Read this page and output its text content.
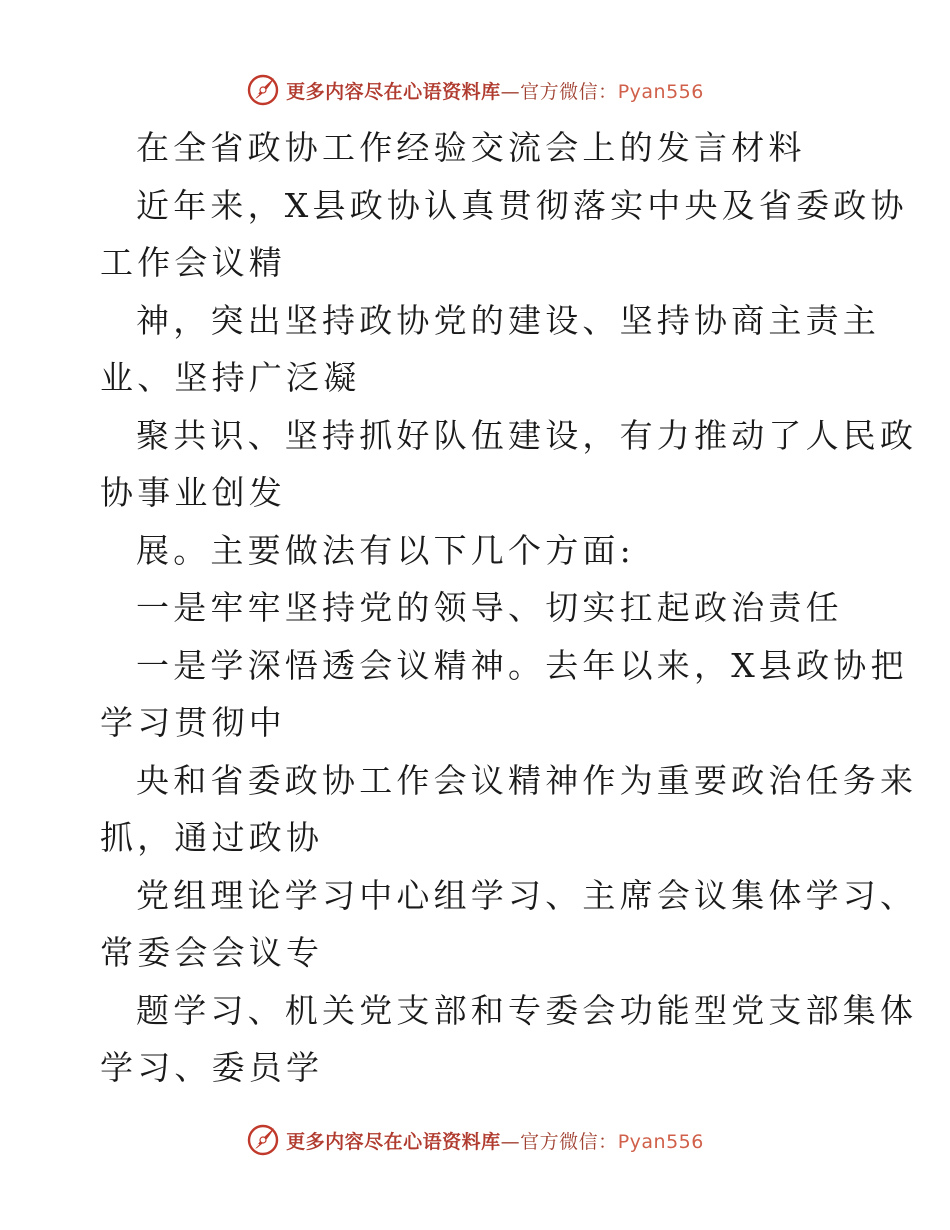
更多内容尽在心语资料库—官方微信：Pyan556
在全省政协工作经验交流会上的发言材料
近年来，X县政协认真贯彻落实中央及省委政协
工作会议精
神，突出坚持政协党的建设、坚持协商主责主
业、坚持广泛凝
聚共识、坚持抓好队伍建设，有力推动了人民政
协事业创发
展。主要做法有以下几个方面:
一是牢牢坚持党的领导、切实扛起政治责任
一是学深悟透会议精神。去年以来，X县政协把
学习贯彻中
央和省委政协工作会议精神作为重要政治任务来
抓，通过政协
党组理论学习中心组学习、主席会议集体学习、
常委会会议专
题学习、机关党支部和专委会功能型党支部集体
学习、委员学
更多内容尽在心语资料库—官方微信：Pyan556
